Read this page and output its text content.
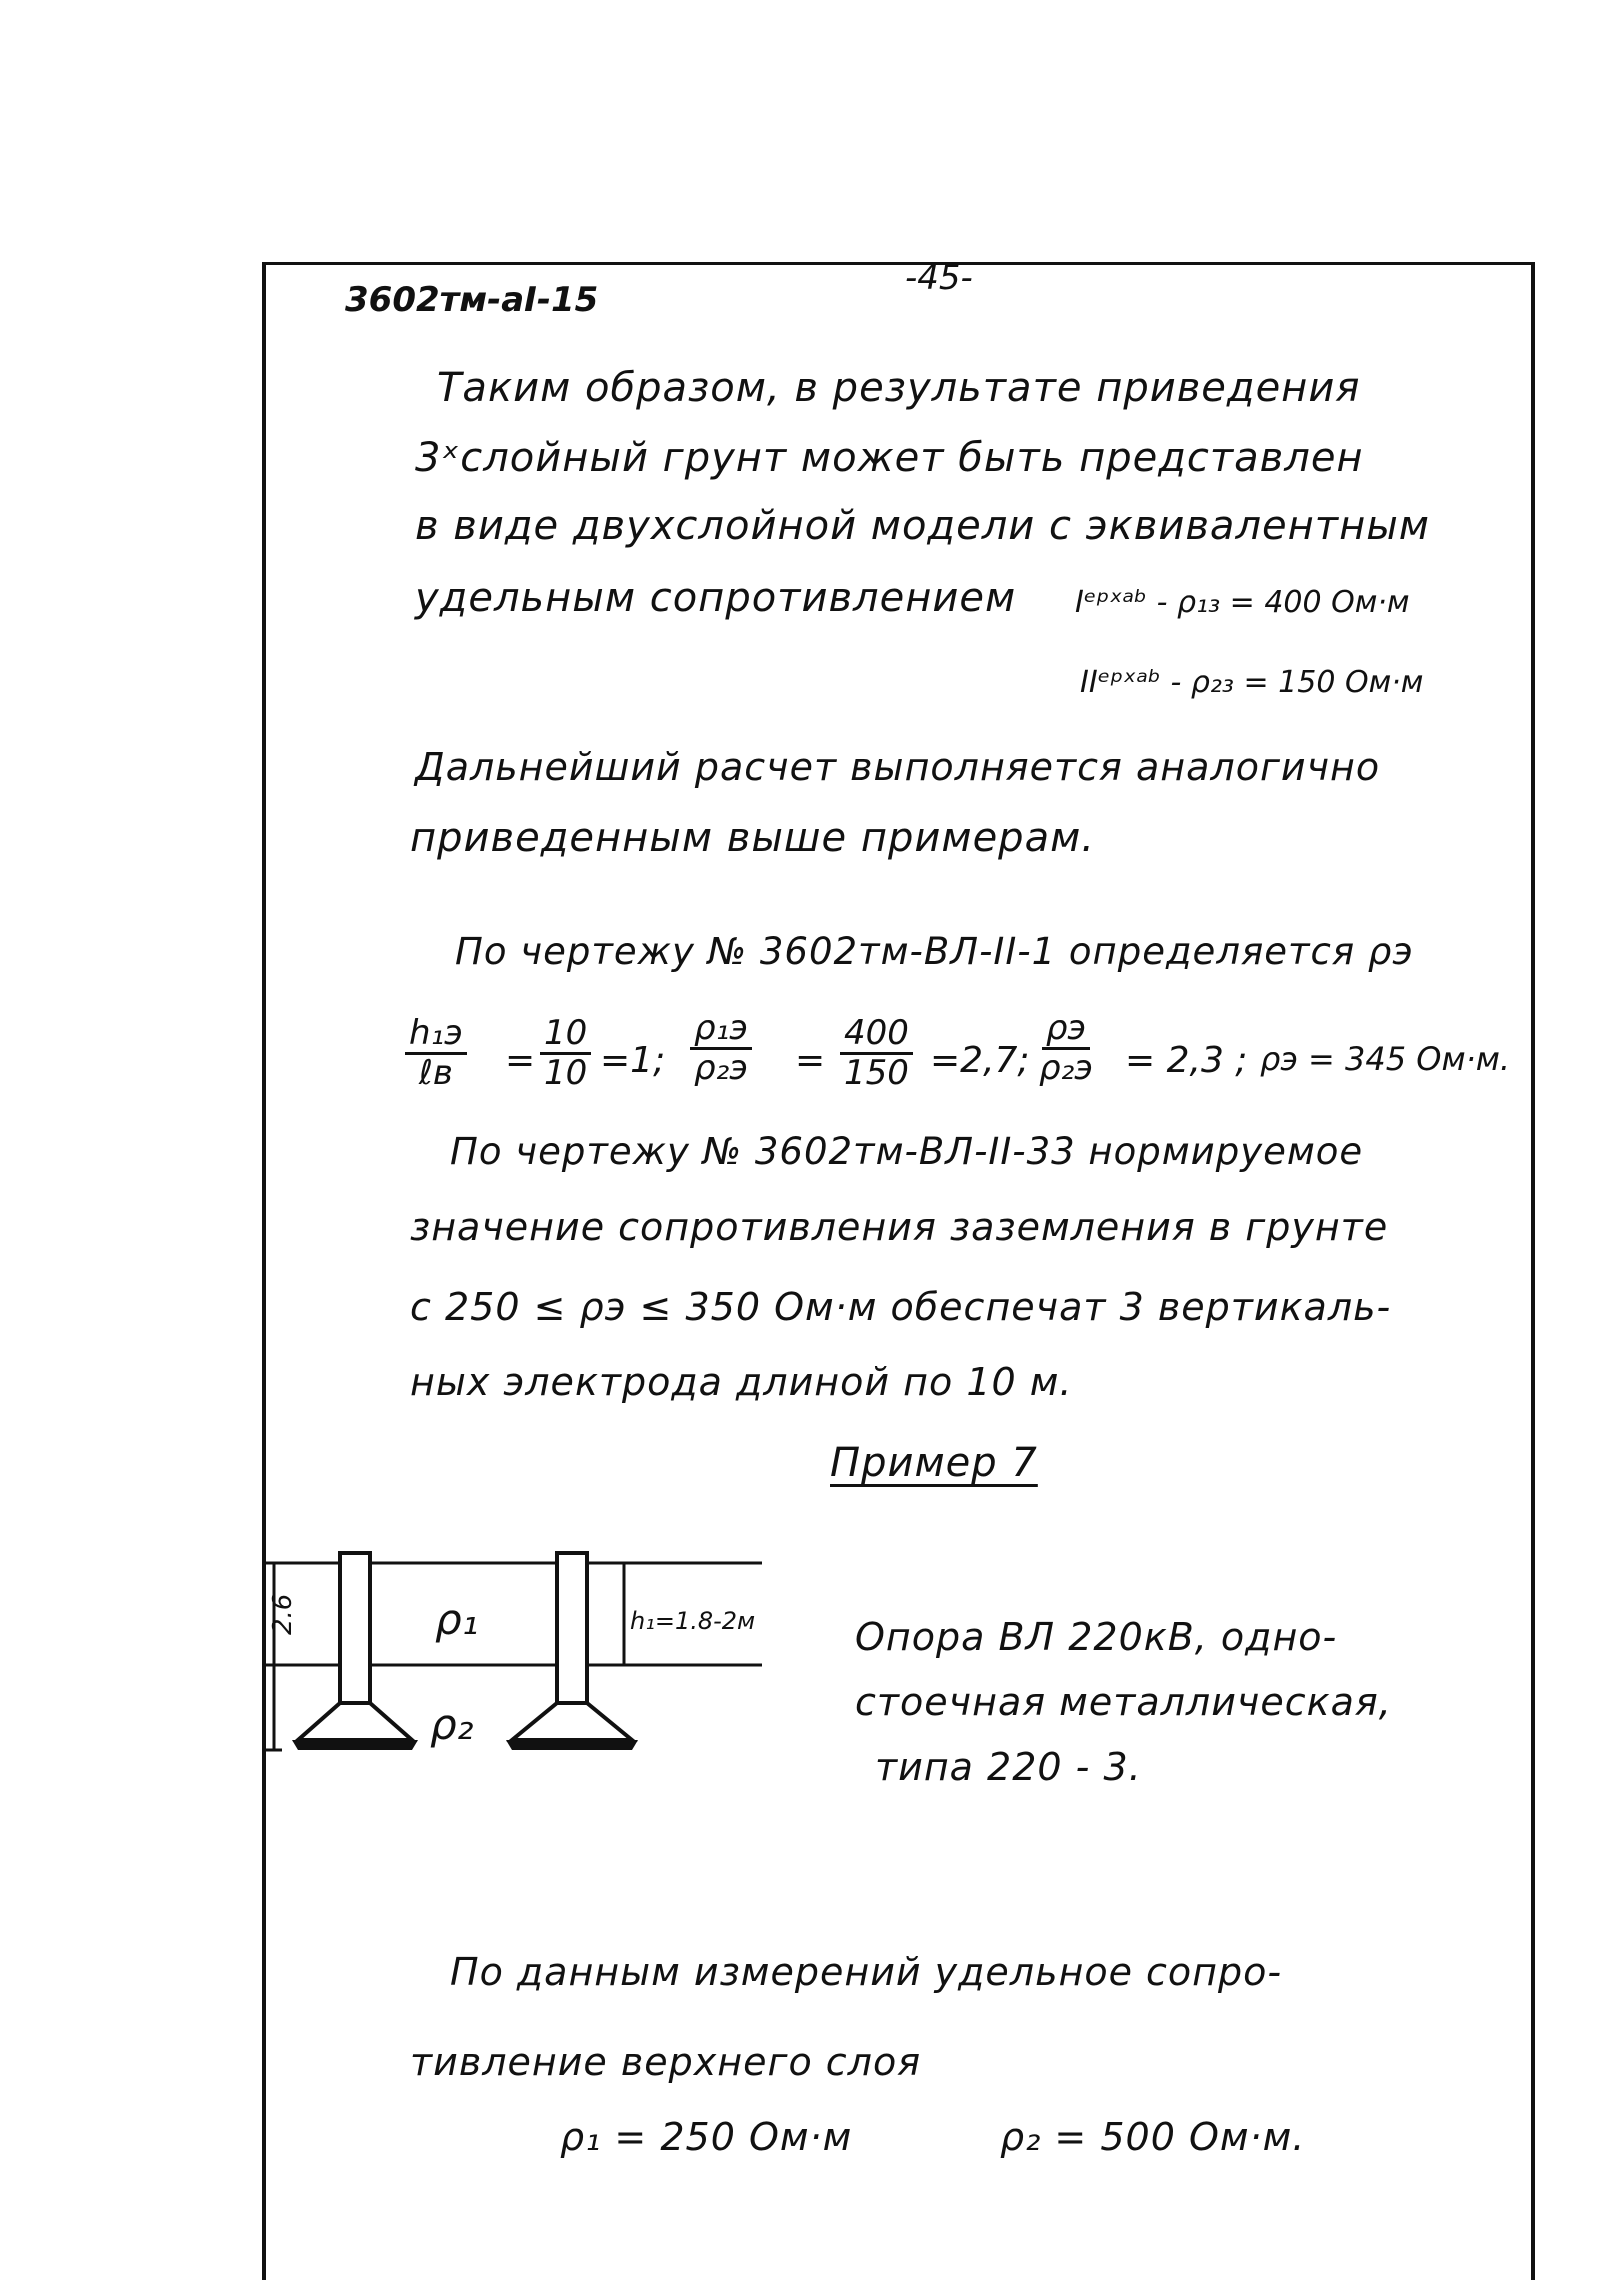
3602тм-аI-15
-45-
Таким образом, в результате приведения
3ˣслойный грунт может быть представлен
в виде двухслойной модели с эквивалентным
удельным сопротивлением Iᵉᵖˣᵃᵇ - ρ₁₃ = 400 Ом·м
IIᵉᵖˣᵃᵇ - ρ₂₃ = 150 Ом·м
Дальнейший расчет выполняется аналогично
приведенным выше примерам.
По чертежу № 3602тм-ВЛ-II-1 определяется ρэ
h₁э
ℓв = $\frac{10}{10} =1$;
ρ₁э
$\rho_2э = \frac{400}{150} =2,7$;
ρэ
ρ₂э = 2,3 ; ρэ = 345 Ом·м.
По чертежу № 3602тм-ВЛ-II-33 нормируемое
значение сопротивления заземления в грунте
с 250 ≤ ρэ ≤ 350 Ом·м обеспечат 3 вертикаль-
ных электрода длиной по 10 м.
Пример 7
2.6	ρ₁
ρ₂
h₁=1.8-2м	Опора ВЛ 220кВ, одно-
стоечная металлическая,
типа 220 - 3.
По данным измерений удельное сопро-
тивление верхнего слоя
ρ₁ = 250 Ом·м	ρ₂ = 500 Ом·м.
